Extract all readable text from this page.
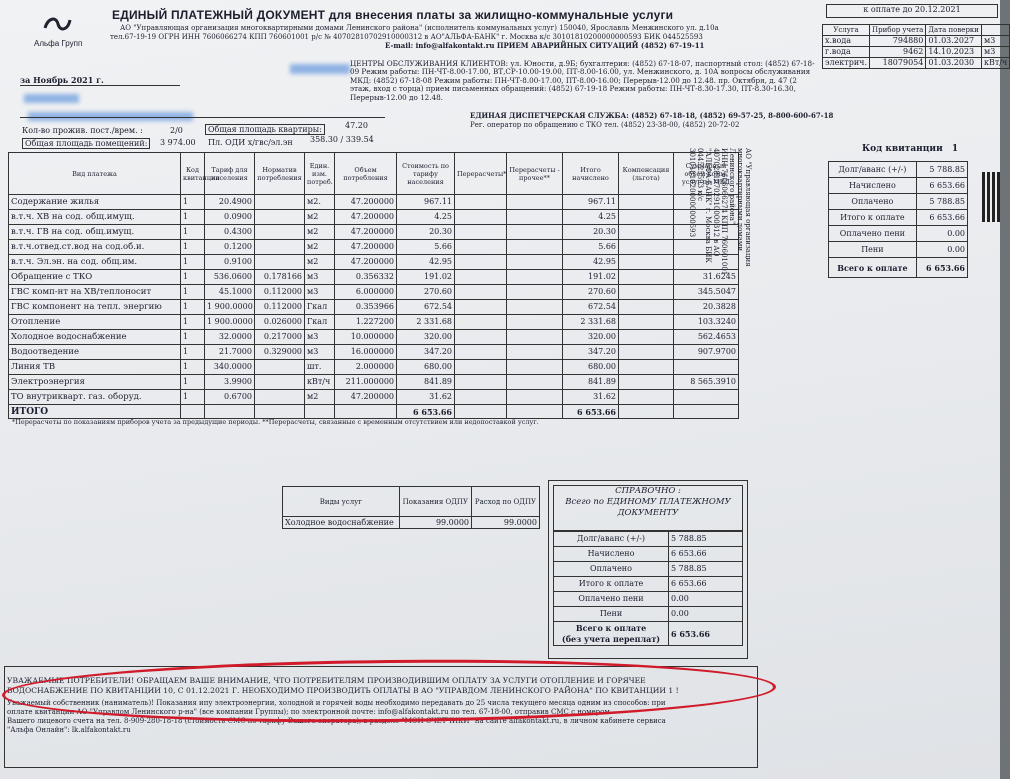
Альфа Групп
ЕДИНЫЙ ПЛАТЕЖНЫЙ ДОКУМЕНТ для внесения платы за жилищно-коммунальные услуги	к оплате до 20.12.2021
АО "Управляющая организация многоквартирными домами Ленинского района" (исполнитель коммунальных услуг) 150040, Ярославль Менжинского ул. д.10а
тел.67-19-19 ОГРН ИНН 7606066274 КПП 760601001 р/с № 40702810702910000312 в АО"АЛЬФА-БАНК" г. Москва к/с 30101810200000000593 БИК 044525593
E-mail: info@alfakontakt.ru ПРИЕМ АВАРИЙНЫХ СИТУАЦИЙ (4852) 67-19-11
Услуга	Прибор учета	Дата поверки	
х.вода	794880	01.03.2027	м3
г.вода	9462	14.10.2023	м3
электрич.	18079054	01.03.2030	кВт/ч
за Ноябрь 2021 г.
ЦЕНТРЫ ОБСЛУЖИВАНИЯ КЛИЕНТОВ: ул. Юности, д.9Б; бухгалтерия: (4852) 67-18-07, паспортный стол: (4852) 67-18-09 Режим работы: ПН-ЧТ-8.00-17.00, ВТ,СР-10.00-19.00, ПТ-8.00-16.00, ул. Менжинского, д. 10А вопросы обслуживания МКД: (4852) 67-18-08 Режим работы: ПН-ЧТ-8.00-17.00, ПТ-8.00-16.00; Перерыв-12.00 до 12.48. пр. Октября, д. 47 (2 этаж, вход с торца) прием письменных обращений: (4852) 67-19-18 Режим работы: ПН-ЧТ-8.30-17.30, ПТ-8.30-16.30, Перерыв-12.00 до 12.48.
ЕДИНАЯ ДИСПЕТЧЕРСКАЯ СЛУЖБА: (4852) 67-18-18, (4852) 69-57-25, 8-800-600-67-18
Рег. оператор по обращению с ТКО тел. (4852) 23-38-00, (4852) 20-72-02
Кол-во прожив. пост./врем. :	2/0	Общая площадь квартиры:	47.20
Общая площадь помещений:	3 974.00 Пл. ОДИ х/гвс/эл.эн 358.30 / 339.54
Вид платежа	Код квитанции	Тариф для населения	Норматив потребления	Един. изм. потреб.	Объем потребления	Стоимость по тарифу населения	Перерасчеты*	Перерасчеты - прочее**	Итого начислено	Компенсация (льгота)	Суммарный объем комм. услуг по МКД
Содержание жилья	1	20.4900		м2.	47.200000	967.11			967.11		
в.т.ч. ХВ на сод. общ.имущ.	1	0.0900		м2	47.200000	4.25			4.25		
в.т.ч. ГВ на сод. общ.имущ.	1	0.4300		м2	47.200000	20.30			20.30		
в.т.ч.отвед.ст.вод на сод.об.и.	1	0.1200		м2	47.200000	5.66			5.66		
в.т.ч. Эл.эн. на сод. общ.им.	1	0.9100		м2	47.200000	42.95			42.95		
Обращение с ТКО	1	536.0600	0.178166	м3	0.356332	191.02			191.02		31.6245
ГВС комп-нт на ХВ/теплоносит	1	45.1000	0.112000	м3	6.000000	270.60			270.60		345.5047
ГВС компонент на тепл. энергию	1	1 900.0000	0.112000	Гкал	0.353966	672.54			672.54		20.3828
Отопление	1	1 900.0000	0.026000	Гкал	1.227200	2 331.68			2 331.68		103.3240
Холодное водоснабжение	1	32.0000	0.217000	м3	10.000000	320.00			320.00		562.4653
Водоотведение	1	21.7000	0.329000	м3	16.000000	347.20			347.20		907.9700
Линия ТВ	1	340.0000		шт.	2.000000	680.00			680.00		
Электроэнергия	1	3.9900		кВт/ч	211.000000	841.89			841.89		8 565.3910
ТО внутрикварт. газ. оборуд.	1	0.6700		м2	47.200000	31.62			31.62		
ИТОГО						6 653.66			6 653.66		
*Перерасчеты по показаниям приборов учета за предыдущие периоды. **Перерасчеты, связанные с временным отсутствием или недопоставкой услуг.
АО "Управляющая организация
многоквартирными домами
Ленинского района"
ИНН 7606066274 КПП 760601001
40702810702910000312 в АО
"АЛЬФА-БАНК" г. Москва БИК
044525593 к/с
30101810200000000593	Код квитанции 1
Долг/аванс (+/-)	5 788.85
Начислено	6 653.66
Оплачено	5 788.85
Итого к оплате	6 653.66
Оплачено пени	0.00
Пени	0.00
Всего к оплате	6 653.66
Виды услуг	Показания ОДПУ	Расход по ОДПУ
Холодное водоснабжение	99.0000	99.0000
СПРАВОЧНО :
Всего по ЕДИНОМУ ПЛАТЕЖНОМУ
ДОКУМЕНТУ
Долг/аванс (+/-)	5 788.85
Начислено	6 653.66
Оплачено	5 788.85
Итого к оплате	6 653.66
Оплачено пени	0.00
Пени	0.00

Всего к оплате
(без учета переплат)	6 653.66
УВАЖАЕМЫЕ ПОТРЕБИТЕЛИ! ОБРАЩАЕМ ВАШЕ ВНИМАНИЕ, ЧТО ПОТРЕБИТЕЛЯМ ПРОИЗВОДИВШИМ ОПЛАТУ ЗА УСЛУГИ ОТОПЛЕНИЕ И ГОРЯЧЕЕ
ВОДОСНАБЖЕНИЕ ПО КВИТАНЦИИ 10, С 01.12.2021 Г. НЕОБХОДИМО ПРОИЗВОДИТЬ ОПЛАТЫ В АО "УПРАВДОМ ЛЕНИНСКОГО РАЙОНА" ПО КВИТАНЦИИ 1 !
Уважаемый собственник (наниматель)! Показания ипу электроэнергии, холодной и горячей воды необходимо передавать до 25 числа текущего месяца одним из способов: при
оплате квитанции АО "Управдом Ленинского р-на" (все компании Группы); по электронной почте: info@alfakontakt.ru по тел. 67-18-00, отправив СМС с номером
Вашего лицевого счета на тел. 8-909-280-18-18 (стоимость СМС по тарифу Вашего оператора), в разделе "МОИ СЧЕТЧИКИ" на сайте alfakontakt.ru, в личном кабинете сервиса
"Альфа Онлайн": lk.alfakontakt.ru
